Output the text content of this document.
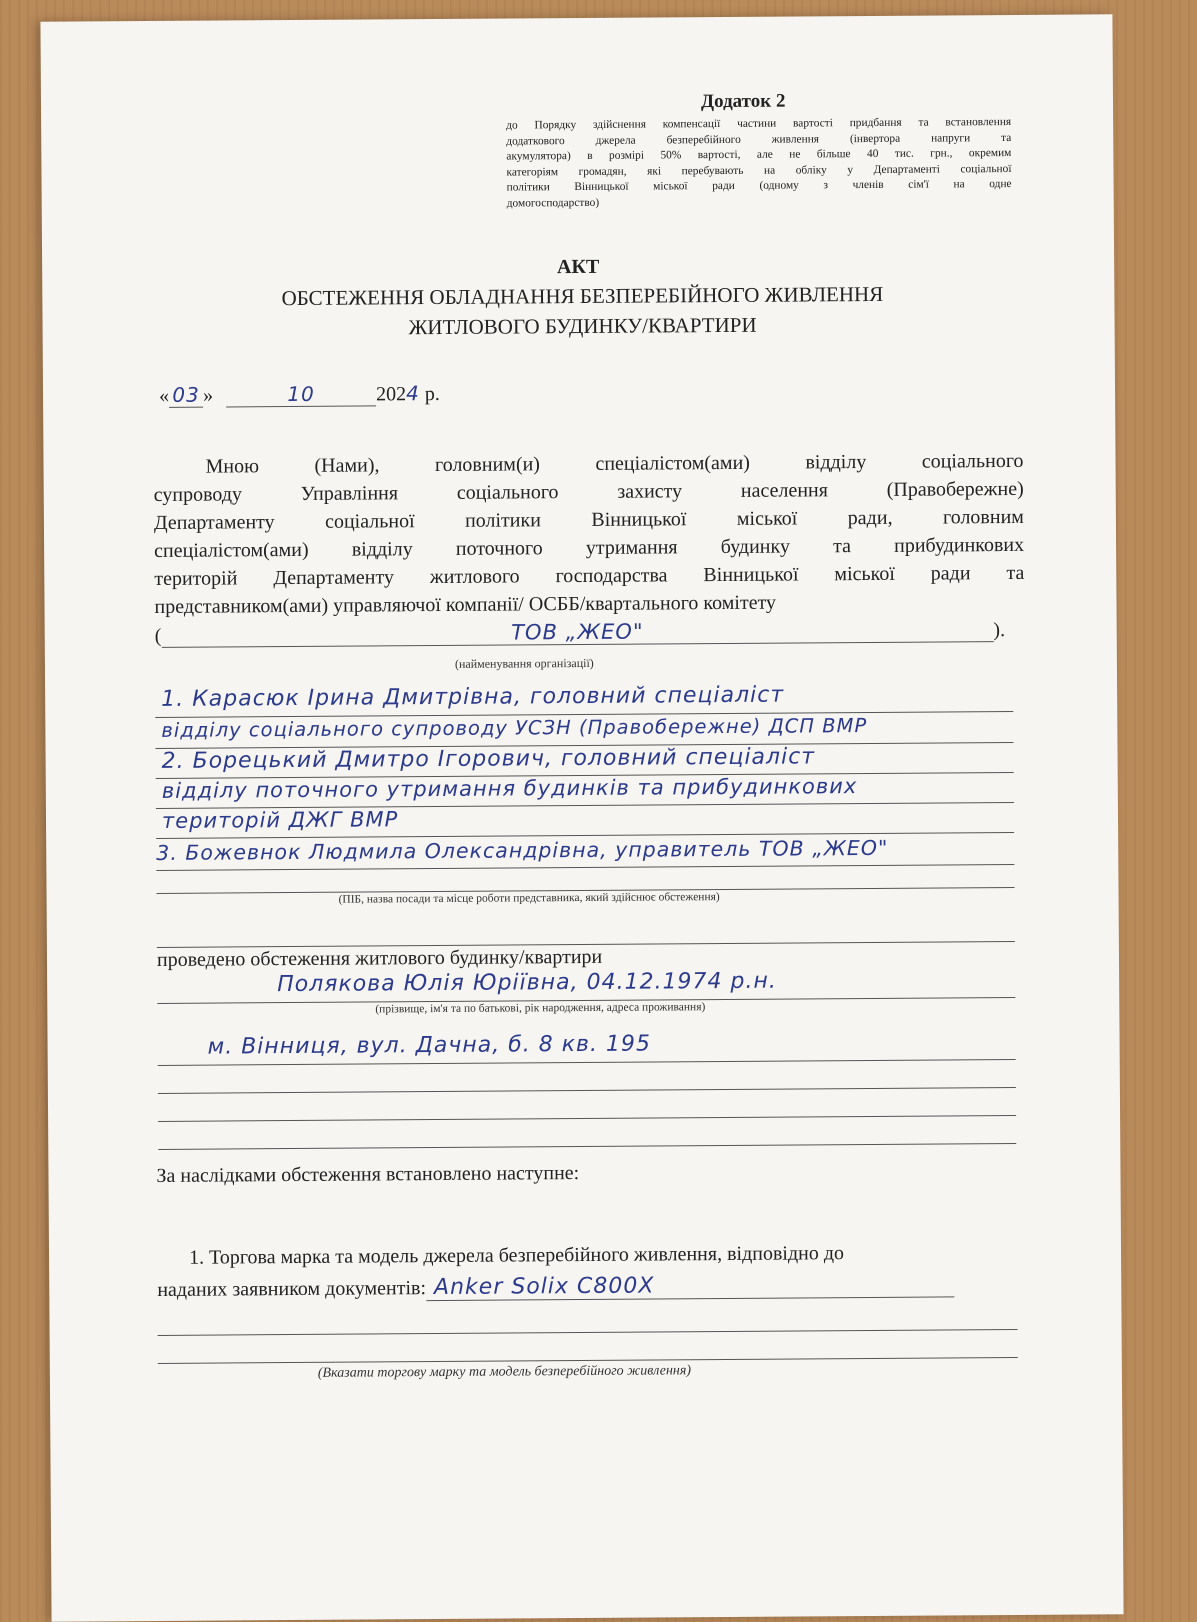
Додаток 2
до Порядку здійснення компенсації частини вартості придбання та встановлення
додаткового джерела безперебійного живлення (інвертора напруги та
акумулятора) в розмірі 50% вартості, але не більше 40 тис. грн., окремим
категоріям громадян, які перебувають на обліку у Департаменті соціальної
політики Вінницької міської ради (одному з членів сім'ї на одне
домогосподарство)
АКТ
ОБСТЕЖЕННЯ ОБЛАДНАННЯ БЕЗПЕРЕБІЙНОГО ЖИВЛЕННЯ
ЖИТЛОВОГО БУДИНКУ/КВАРТИРИ
« 03 »	10	2024 р.
Мною (Нами), головним(и) спеціалістом(ами) відділу соціального
супроводу Управління соціального захисту населення (Правобережне)
Департаменту соціальної політики Вінницької міської ради, головним
спеціалістом(ами) відділу поточного утримання будинку та прибудинкових
територій Департаменту житлового господарства Вінницької міської ради та
представником(ами) управляючої компанії/ ОСББ/квартального комітету
(	ТОВ „ЖЕО"	).
(найменування організації)
1. Карасюк Ірина Дмитрівна, головний спеціаліст
відділу соціального супроводу УСЗН (Правобережне) ДСП ВМР
2. Борецький Дмитро Ігорович, головний спеціаліст
відділу поточного утримання будинків та прибудинкових
територій ДЖГ ВМР
3. Божевнок Людмила Олександрівна, управитель ТОВ „ЖЕО"
(ПІБ, назва посади та місце роботи представника, який здійснює обстеження)
проведено обстеження житлового будинку/квартири
Полякова Юлія Юріївна, 04.12.1974 р.н.
(прізвище, ім'я та по батькові, рік народження, адреса проживання)
м. Вінниця, вул. Дачна, б. 8 кв. 195
За наслідками обстеження встановлено наступне:
1. Торгова марка та модель джерела безперебійного живлення, відповідно до
наданих заявником документів: Anker Solix C800X
(Вказати торгову марку та модель безперебійного живлення)
